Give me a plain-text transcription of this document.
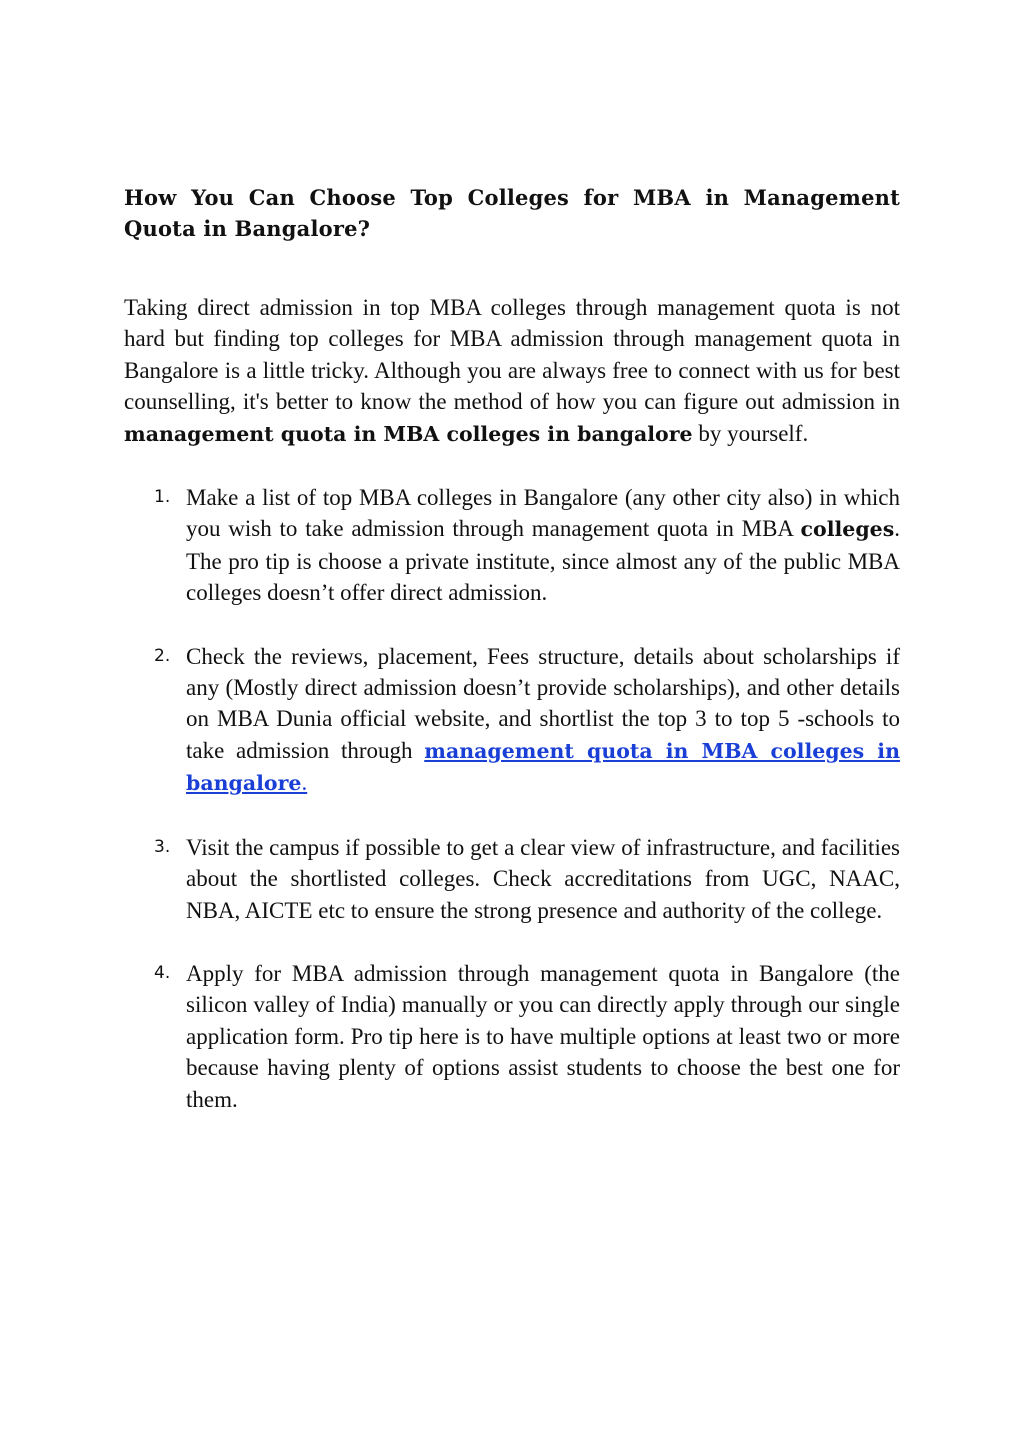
How You Can Choose Top Colleges for MBA in Management Quota in Bangalore?

Taking direct admission in top MBA colleges through management quota is not hard but finding top colleges for MBA admission through management quota in Bangalore is a little tricky. Although you are always free to connect with us for best counselling, it's better to know the method of how you can figure out admission in management quota in MBA colleges in bangalore by yourself.

1. Make a list of top MBA colleges in Bangalore (any other city also) in which you wish to take admission through management quota in MBA colleges. The pro tip is choose a private institute, since almost any of the public MBA colleges doesn’t offer direct admission.
2. Check the reviews, placement, Fees structure, details about scholarships if any (Mostly direct admission doesn’t provide scholarships), and other details on MBA Dunia official website, and shortlist the top 3 to top 5 -schools to take admission through management quota in MBA colleges in bangalore.
3. Visit the campus if possible to get a clear view of infrastructure, and facilities about the shortlisted colleges. Check accreditations from UGC, NAAC, NBA, AICTE etc to ensure the strong presence and authority of the college.
4. Apply for MBA admission through management quota in Bangalore (the silicon valley of India) manually or you can directly apply through our single application form. Pro tip here is to have multiple options at least two or more because having plenty of options assist students to choose the best one for them.
